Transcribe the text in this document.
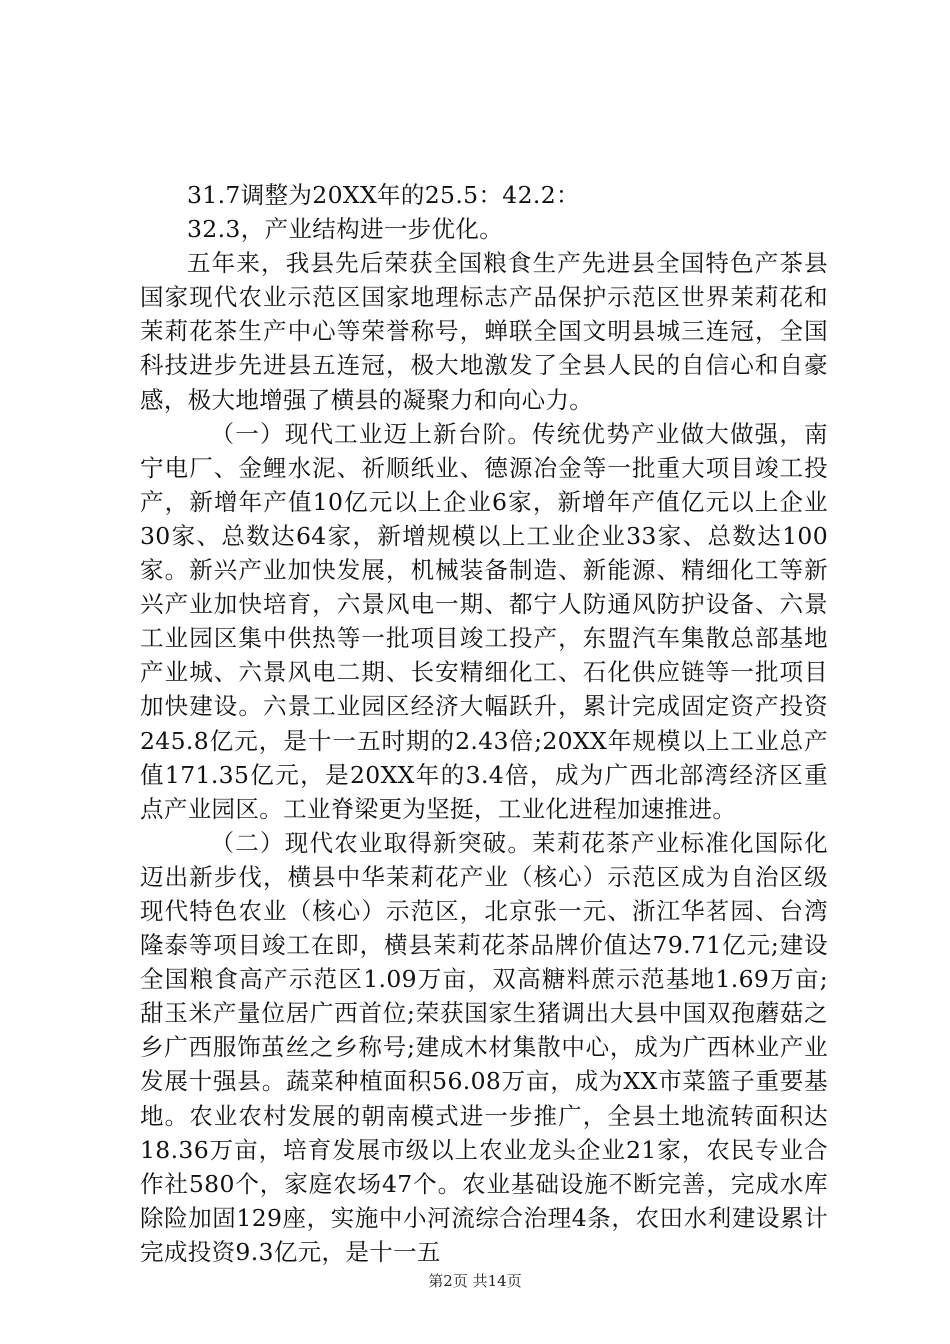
31.7调整为20XX年的25.5：42.2：

32.3，产业结构进一步优化。

五年来，我县先后荣获全国粮食生产先进县全国特色产茶县国家现代农业示范区国家地理标志产品保护示范区世界茉莉花和茉莉花茶生产中心等荣誉称号，蝉联全国文明县城三连冠，全国科技进步先进县五连冠，极大地激发了全县人民的自信心和自豪感，极大地增强了横县的凝聚力和向心力。

（一）现代工业迈上新台阶。传统优势产业做大做强，南宁电厂、金鲤水泥、祈顺纸业、德源冶金等一批重大项目竣工投产，新增年产值10亿元以上企业6家，新增年产值亿元以上企业30家、总数达64家，新增规模以上工业企业33家、总数达100家。新兴产业加快发展，机械装备制造、新能源、精细化工等新兴产业加快培育，六景风电一期、都宁人防通风防护设备、六景工业园区集中供热等一批项目竣工投产，东盟汽车集散总部基地产业城、六景风电二期、长安精细化工、石化供应链等一批项目加快建设。六景工业园区经济大幅跃升，累计完成固定资产投资245.8亿元，是十一五时期的2.43倍;20XX年规模以上工业总产值171.35亿元，是20XX年的3.4倍，成为广西北部湾经济区重点产业园区。工业脊梁更为坚挺，工业化进程加速推进。

（二）现代农业取得新突破。茉莉花茶产业标准化国际化迈出新步伐，横县中华茉莉花产业（核心）示范区成为自治区级现代特色农业（核心）示范区，北京张一元、浙江华茗园、台湾隆泰等项目竣工在即，横县茉莉花茶品牌价值达79.71亿元;建设全国粮食高产示范区1.09万亩，双高糖料蔗示范基地1.69万亩;甜玉米产量位居广西首位;荣获国家生猪调出大县中国双孢蘑菇之乡广西服饰茧丝之乡称号;建成木材集散中心，成为广西林业产业发展十强县。蔬菜种植面积56.08万亩，成为XX市菜篮子重要基地。农业农村发展的朝南模式进一步推广，全县土地流转面积达18.36万亩，培育发展市级以上农业龙头企业21家，农民专业合作社580个，家庭农场47个。农业基础设施不断完善，完成水库除险加固129座，实施中小河流综合治理4条，农田水利建设累计完成投资9.3亿元，是十一五

第2页 共14页
